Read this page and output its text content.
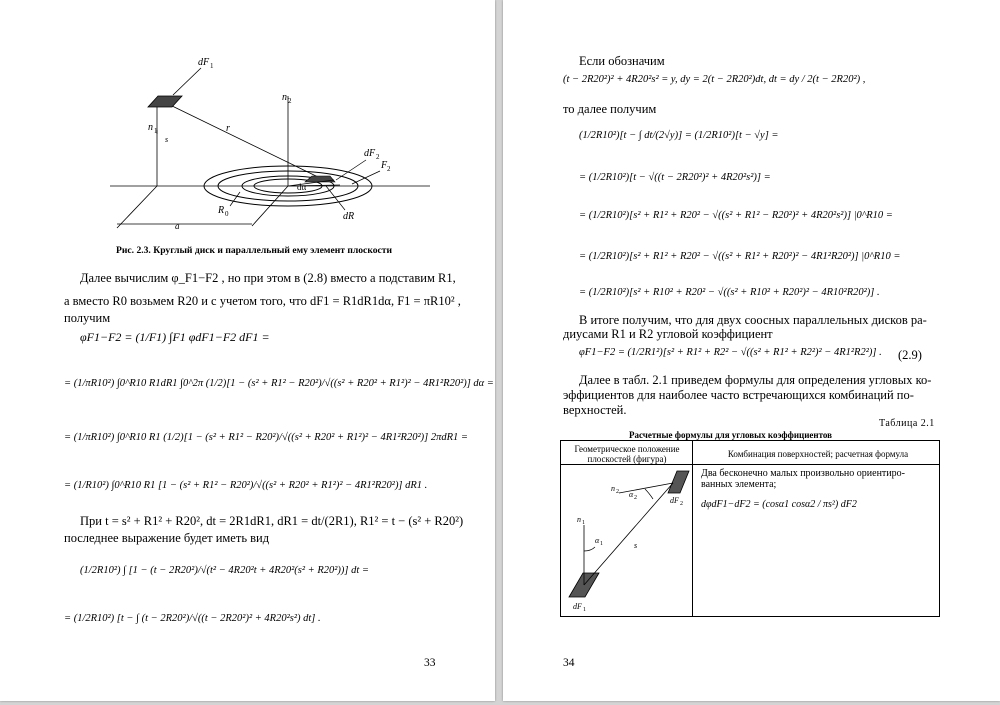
dF 1
n 2
n 1
s
r
dF 2
F 2
dα
R 0	dR
a
Рис. 2.3. Круглый диск и параллельный ему элемент плоскости
Далее вычислим φ_F1−F2 , но при этом в (2.8) вместо a подставим R1,
а вместо R0 возьмем R20 и с учетом того, что dF1 = R1dR1dα, F1 = πR10² ,
получим
φF1−F2 = (1/F1) ∫F1 φdF1−F2 dF1 =
= (1/πR10²) ∫0^R10 R1dR1 ∫0^2π (1/2)[1 − (s² + R1² − R20²)/√((s² + R20² + R1²)² − 4R1²R20²)] dα =
= (1/πR10²) ∫0^R10 R1 (1/2)[1 − (s² + R1² − R20²)/√((s² + R20² + R1²)² − 4R1²R20²)] 2πdR1 =
= (1/R10²) ∫0^R10 R1 [1 − (s² + R1² − R20²)/√((s² + R20² + R1²)² − 4R1²R20²)] dR1 .
При t = s² + R1² + R20², dt = 2R1dR1, dR1 = dt/(2R1), R1² = t − (s² + R20²)
последнее выражение будет иметь вид
(1/2R10²) ∫ [1 − (t − 2R20²)/√(t² − 4R20²t + 4R20²(s² + R20²))] dt =
= (1/2R10²) [t − ∫ (t − 2R20²)/√((t − 2R20²)² + 4R20²s²) dt] .
33
Если обозначим
(t − 2R20²)² + 4R20²s² = y, dy = 2(t − 2R20²)dt, dt = dy / 2(t − 2R20²) ,
то далее получим
(1/2R10²)[t − ∫ dt/(2√y)] = (1/2R10²)[t − √y] =
= (1/2R10²)[t − √((t − 2R20²)² + 4R20²s²)] =
= (1/2R10²)[s² + R1² + R20² − √((s² + R1² − R20²)² + 4R20²s²)] |0^R10 =
= (1/2R10²)[s² + R1² + R20² − √((s² + R1² + R20²)² − 4R1²R20²)] |0^R10 =
= (1/2R10²)[s² + R10² + R20² − √((s² + R10² + R20²)² − 4R10²R20²)] .
В итоге получим, что для двух соосных параллельных дисков ра-
диусами R1 и R2 угловой коэффициент
φF1−F2 = (1/2R1²)[s² + R1² + R2² − √((s² + R1² + R2²)² − 4R1²R2²)] . (2.9)
Далее в табл. 2.1 приведем формулы для определения угловых ко-
эффициентов для наиболее часто встречающихся комбинаций по-
верхностей.
Таблица 2.1
Расчетные формулы для угловых коэффициентов
Геометрическое положение плоскостей (фигура)	Комбинация поверхностей; расчетная формула
Два бесконечно малых произвольно ориентиро-
ванных элемента;
dφdF1−dF2 = (cosα1 cosα2 / πs²) dF2
n 2 α 2	dF 2
n 1
α 1	s
dF 1
34
